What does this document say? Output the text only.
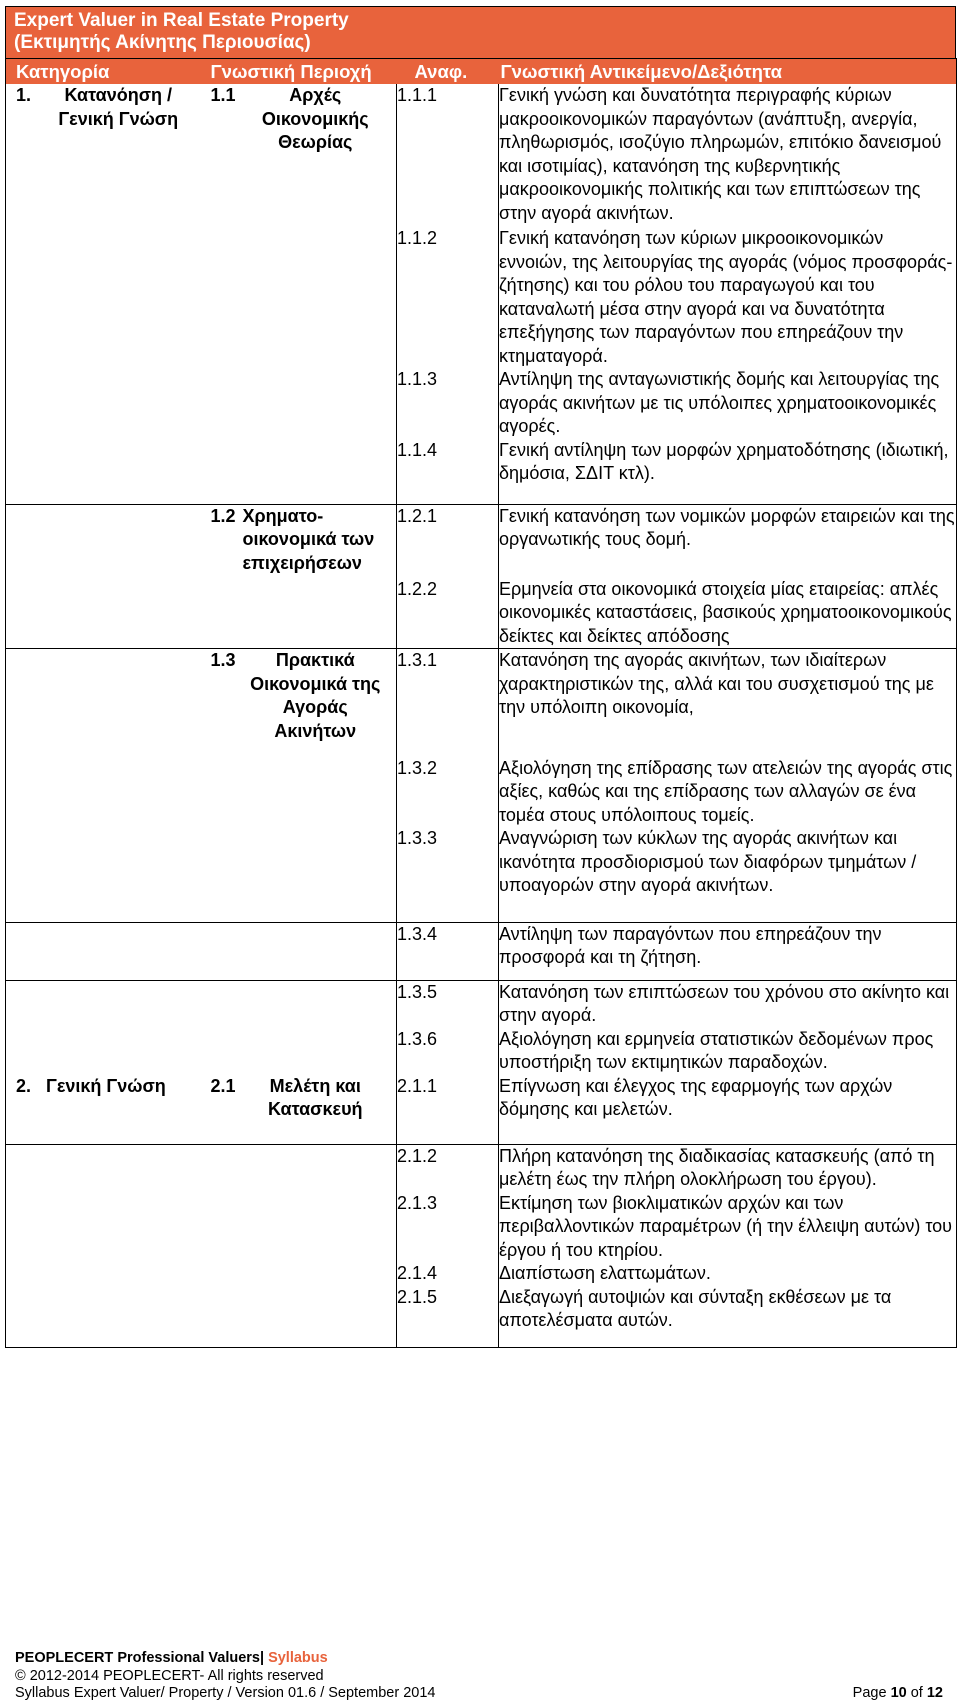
Expert Valuer in Real Estate Property
(Εκτιμητής Ακίνητης Περιουσίας)
Κατηγορία	Γνωστική Περιοχή	Αναφ.	Γνωστική Αντικείμενο/Δεξιότητα

1. Κατανόηση / Γενική Γνώση	1.1 Αρχές Οικονομικής Θεωρίας	1.1.1	Γενική γνώση και δυνατότητα περιγραφής κύριων μακροοικονομικών παραγόντων (ανάπτυξη, ανεργία, πληθωρισμός, ισοζύγιο πληρωμών, επιτόκιο δανεισμού και ισοτιμίας), κατανόηση της κυβερνητικής μακροοικονομικής πολιτικής και των επιπτώσεων της στην αγορά ακινήτων.

		1.1.2	Γενική κατανόηση των κύριων μικροοικονομικών εννοιών, της λειτουργίας της αγοράς (νόμος προσφοράς- ζήτησης) και του ρόλου του παραγωγού και του καταναλωτή μέσα στην αγορά και να δυνατότητα επεξήγησης των παραγόντων που επηρεάζουν την κτηματαγορά.

		1.1.3	Αντίληψη της ανταγωνιστικής δομής και λειτουργίας της αγοράς ακινήτων με τις υπόλοιπες χρηματοοικονομικές αγορές.

		1.1.4	Γενική αντίληψη των μορφών χρηματοδότησης (ιδιωτική, δημόσια, ΣΔΙΤ κτλ).

	1.2 Χρηματο-οικονομικά των επιχειρήσεων	1.2.1	Γενική κατανόηση των νομικών μορφών εταιρειών και της οργανωτικής τους δομή.

		1.2.2	Ερμηνεία στα οικονομικά στοιχεία μίας εταιρείας: απλές οικονομικές καταστάσεις, βασικούς χρηματοοικονομικούς δείκτες και δείκτες απόδοσης

	1.3 Πρακτικά Οικονομικά της Αγοράς Ακινήτων	1.3.1	Κατανόηση της αγοράς ακινήτων, των ιδιαίτερων χαρακτηριστικών της, αλλά και του συσχετισμού της με την υπόλοιπη οικονομία,

		1.3.2	Αξιολόγηση της επίδρασης των ατελειών της αγοράς στις αξίες, καθώς και της επίδρασης των αλλαγών σε ένα τομέα στους υπόλοιπους τομείς.

		1.3.3	Αναγνώριση των κύκλων της αγοράς ακινήτων και ικανότητα προσδιορισμού των διαφόρων τμημάτων / υποαγορών στην αγορά ακινήτων.

		1.3.4	Αντίληψη των παραγόντων που επηρεάζουν την προσφορά και τη ζήτηση.

		1.3.5	Κατανόηση των επιπτώσεων του χρόνου στο ακίνητο και στην αγορά.

		1.3.6	Αξιολόγηση και ερμηνεία στατιστικών δεδομένων προς υποστήριξη των εκτιμητικών παραδοχών.

2. Γενική Γνώση	2.1 Μελέτη και Κατασκευή	2.1.1	Επίγνωση και έλεγχος της εφαρμογής των αρχών δόμησης και μελετών.

		2.1.2	Πλήρη κατανόηση της διαδικασίας κατασκευής (από τη μελέτη έως την πλήρη ολοκλήρωση του έργου).

		2.1.3	Εκτίμηση των βιοκλιματικών αρχών και των περιβαλλοντικών παραμέτρων (ή την έλλειψη αυτών) του έργου ή του κτηρίου.

		2.1.4	Διαπίστωση ελαττωμάτων.

		2.1.5	Διεξαγωγή αυτοψιών και σύνταξη εκθέσεων με τα αποτελέσματα αυτών.
PEOPLECERT Professional Valuers| Syllabus
© 2012-2014 PEOPLECERT- All rights reserved
Syllabus Expert Valuer/ Property / Version 01.6 / September 2014	Page 10 of 12
